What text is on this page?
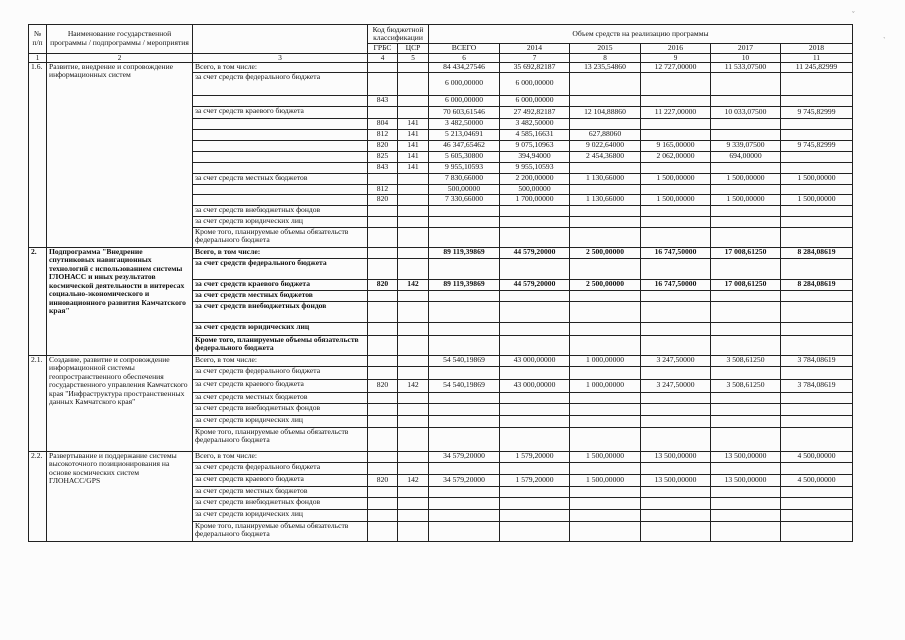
№ п/п	Наименование государственной программы / подпрограммы / мероприятия		Код бюджетной классификации		Объем средств на реализацию программы					
			ГРБС	ЦСР	ВСЕГО	2014	2015	2016	2017	2018
1	2	3	4	5	6	7	8	9	10	11
1.6.	Развитие, внедрение и сопровождение информационных систем	Всего, в том числе:			84 434,27546	35 692,82187	13 235,54860	12 727,00000	11 533,07500	11 245,82999
		за счет средств федерального бюджета			6 000,00000	6 000,00000				
			843		6 000,00000	6 000,00000				
		за счет средств краевого бюджета			70 603,61546	27 492,82187	12 104,88860	11 227,00000	10 033,07500	9 745,82999
			804	141	3 482,50000	3 482,50000				
			812	141	5 213,04691	4 585,16631	627,88060			
			820	141	46 347,65462	9 075,10963	9 022,64000	9 165,00000	9 339,07500	9 745,82999
			825	141	5 605,30800	394,94000	2 454,36800	2 062,00000	694,00000	
			843	141	9 955,10593	9 955,10593				
		за счет средств местных бюджетов			7 830,66000	2 200,00000	1 130,66000	1 500,00000	1 500,00000	1 500,00000
			812		500,00000	500,00000				
			820		7 330,66000	1 700,00000	1 130,66000	1 500,00000	1 500,00000	1 500,00000
		за счет средств внебюджетных фондов								
		за счет средств юридических лиц								
		Кроме того, планируемые объемы обязательств федерального бюджета								
2.	Подпрограмма "Внедрение спутниковых навигационных технологий с использованием системы ГЛОНАСС и иных результатов космической деятельности в интересах социально-экономического и инновационного развития Камчатского края"	Всего, в том числе:			89 119,39869	44 579,20000	2 500,00000	16 747,50000	17 008,61250	8 284,08619
		за счет средств федерального бюджета								
		за счет средств краевого бюджета	820	142	89 119,39869	44 579,20000	2 500,00000	16 747,50000	17 008,61250	8 284,08619
		за счет средств местных бюджетов								
		за счет средств внебюджетных фондов								
		за счет средств юридических лиц								
		Кроме того, планируемые объемы обязательств федерального бюджета								
2.1.	Создание, развитие и сопровождение информационной системы геопространственного обеспечения государственного управления Камчатского края "Инфраструктура пространственных данных Камчатского края"	Всего, в том числе:			54 540,19869	43 000,00000	1 000,00000	3 247,50000	3 508,61250	3 784,08619
		за счет средств федерального бюджета								
		за счет средств краевого бюджета	820	142	54 540,19869	43 000,00000	1 000,00000	3 247,50000	3 508,61250	3 784,08619
		за счет средств местных бюджетов								
		за счет средств внебюджетных фондов								
		за счет средств юридических лиц								
		Кроме того, планируемые объемы обязательств федерального бюджета								
2.2.	Развертывание и поддержание системы высокоточного позиционирования на основе космических систем ГЛОНАСС/GPS	Всего, в том числе:			34 579,20000	1 579,20000	1 500,00000	13 500,00000	13 500,00000	4 500,00000
		за счет средств федерального бюджета								
		за счет средств краевого бюджета	820	142	34 579,20000	1 579,20000	1 500,00000	13 500,00000	13 500,00000	4 500,00000
		за счет средств местных бюджетов								
		за счет средств внебюджетных фондов								
		за счет средств юридических лиц								
		Кроме того, планируемые объемы обязательств федерального бюджета								
ˇ
ˋ
